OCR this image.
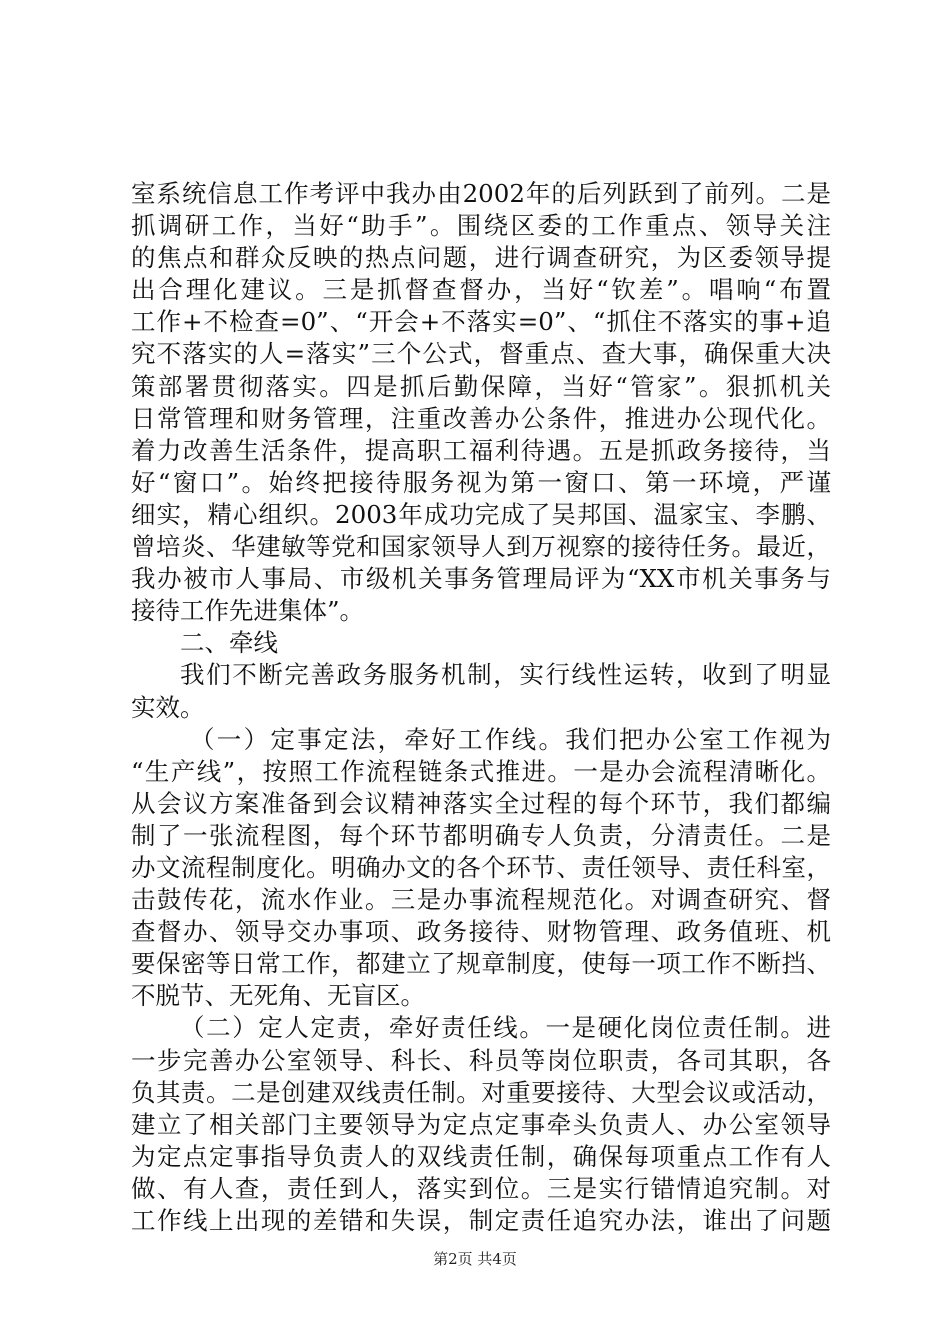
室系统信息工作考评中我办由2002年的后列跃到了前列。二是
抓调研工作，当好“助手”。围绕区委的工作重点、领导关注
的焦点和群众反映的热点问题，进行调查研究，为区委领导提
出合理化建议。三是抓督查督办，当好“钦差”。唱响“布置
工作+不检查=0”、“开会+不落实=0”、“抓住不落实的事+追
究不落实的人=落实”三个公式，督重点、查大事，确保重大决
策部署贯彻落实。四是抓后勤保障，当好“管家”。狠抓机关
日常管理和财务管理，注重改善办公条件，推进办公现代化。
着力改善生活条件，提高职工福利待遇。五是抓政务接待，当
好“窗口”。始终把接待服务视为第一窗口、第一环境，严谨
细实，精心组织。2003年成功完成了吴邦国、温家宝、李鹏、
曾培炎、华建敏等党和国家领导人到万视察的接待任务。最近，
我办被市人事局、市级机关事务管理局评为“XX市机关事务与
接待工作先进集体”。
二、牵线
我们不断完善政务服务机制，实行线性运转，收到了明显
实效。
（一）定事定法，牵好工作线。我们把办公室工作视为
“生产线”，按照工作流程链条式推进。一是办会流程清晰化。
从会议方案准备到会议精神落实全过程的每个环节，我们都编
制了一张流程图，每个环节都明确专人负责，分清责任。二是
办文流程制度化。明确办文的各个环节、责任领导、责任科室，
击鼓传花，流水作业。三是办事流程规范化。对调查研究、督
查督办、领导交办事项、政务接待、财物管理、政务值班、机
要保密等日常工作，都建立了规章制度，使每一项工作不断挡、
不脱节、无死角、无盲区。
（二）定人定责，牵好责任线。一是硬化岗位责任制。进
一步完善办公室领导、科长、科员等岗位职责，各司其职，各
负其责。二是创建双线责任制。对重要接待、大型会议或活动，
建立了相关部门主要领导为定点定事牵头负责人、办公室领导
为定点定事指导负责人的双线责任制，确保每项重点工作有人
做、有人查，责任到人，落实到位。三是实行错情追究制。对
工作线上出现的差错和失误，制定责任追究办法，谁出了问题
第2页 共4页
